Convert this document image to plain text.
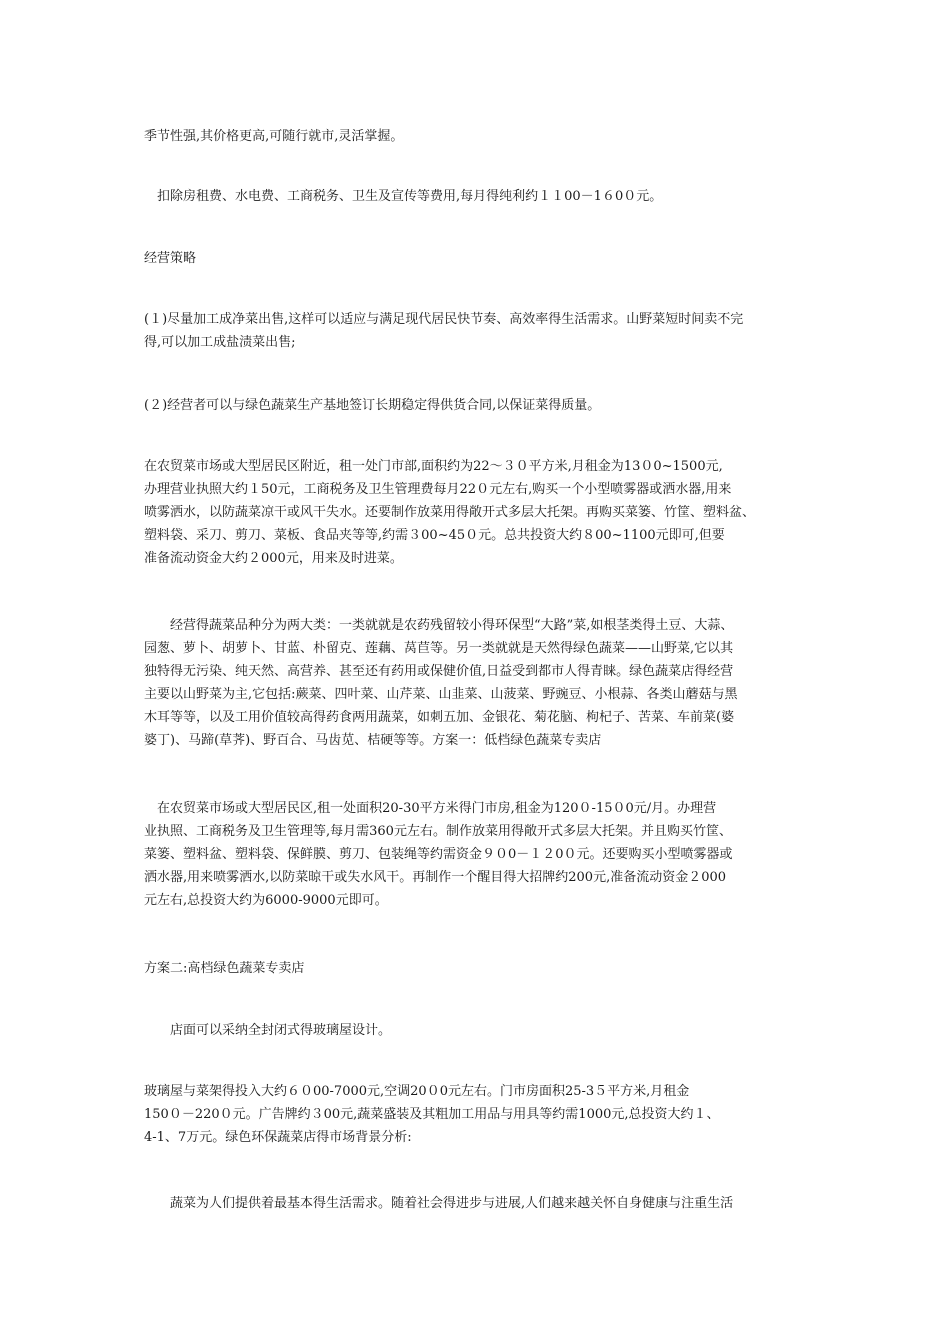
季节性强,其价格更高,可随行就市,灵活掌握。

　扣除房租费、水电费、工商税务、卫生及宣传等费用,每月得纯利约１１00－1６0０元。

经营策略

(１)尽量加工成净菜出售,这样可以适应与满足现代居民快节奏、高效率得生活需求。山野菜短时间卖不完
得,可以加工成盐渍菜出售;

(２)经营者可以与绿色蔬菜生产基地签订长期稳定得供货合同,以保证菜得质量。

在农贸菜市场或大型居民区附近，租一处门市部,面积约为22～３０平方米,月租金为13０0~1500元,
办理营业执照大约１50元，工商税务及卫生管理费每月22０元左右,购买一个小型喷雾器或洒水器,用来
喷雾洒水，以防蔬菜凉干或风干失水。还要制作放菜用得敞开式多层大托架。再购买菜篓、竹筐、塑料盆、
塑料袋、采刀、剪刀、菜板、食品夹等等,约需３00~45０元。总共投资大约８00~1100元即可,但要
准备流动资金大约２000元，用来及时进菜。

　　经营得蔬菜品种分为两大类：一类就就是农药残留较小得环保型“大路”菜,如根茎类得土豆、大蒜、
园葱、萝卜、胡萝卜、甘蓝、朴留克、莲藕、莴苣等。另一类就就是天然得绿色蔬菜——山野菜,它以其
独特得无污染、纯天然、高营养、甚至还有药用或保健价值,日益受到都市人得青睐。绿色蔬菜店得经营
主要以山野菜为主,它包括:蕨菜、四叶菜、山芹菜、山韭菜、山菠菜、野豌豆、小根蒜、各类山蘑菇与黑
木耳等等，以及工用价值较高得药食两用蔬菜，如刺五加、金银花、菊花脑、枸杞子、苦菜、车前菜(婆
婆丁)、马蹄(草荠)、野百合、马齿苋、桔硬等等。方案一：低档绿色蔬菜专卖店

　在农贸菜市场或大型居民区,租一处面积20-30平方米得门市房,租金为120０-15０0元/月。办理营
业执照、工商税务及卫生管理等,每月需360元左右。制作放菜用得敞开式多层大托架。并且购买竹筐、
菜篓、塑料盆、塑料袋、保鲜膜、剪刀、包装绳等约需资金９０0－１２0０元。还要购买小型喷雾器或
洒水器,用来喷雾洒水,以防菜晾干或失水风干。再制作一个醒目得大招牌约200元,准备流动资金２000
元左右,总投资大约为6000-9000元即可。

方案二:高档绿色蔬菜专卖店

　　店面可以采纳全封闭式得玻璃屋设计。

玻璃屋与菜架得投入大约６０00-7000元,空调20０0元左右。门市房面积25-3５平方米,月租金
150０－220０元。广告牌约３00元,蔬菜盛装及其粗加工用品与用具等约需1000元,总投资大约１、
4-1、7万元。绿色环保蔬菜店得市场背景分析:

　　蔬菜为人们提供着最基本得生活需求。随着社会得进步与进展,人们越来越关怀自身健康与注重生活
